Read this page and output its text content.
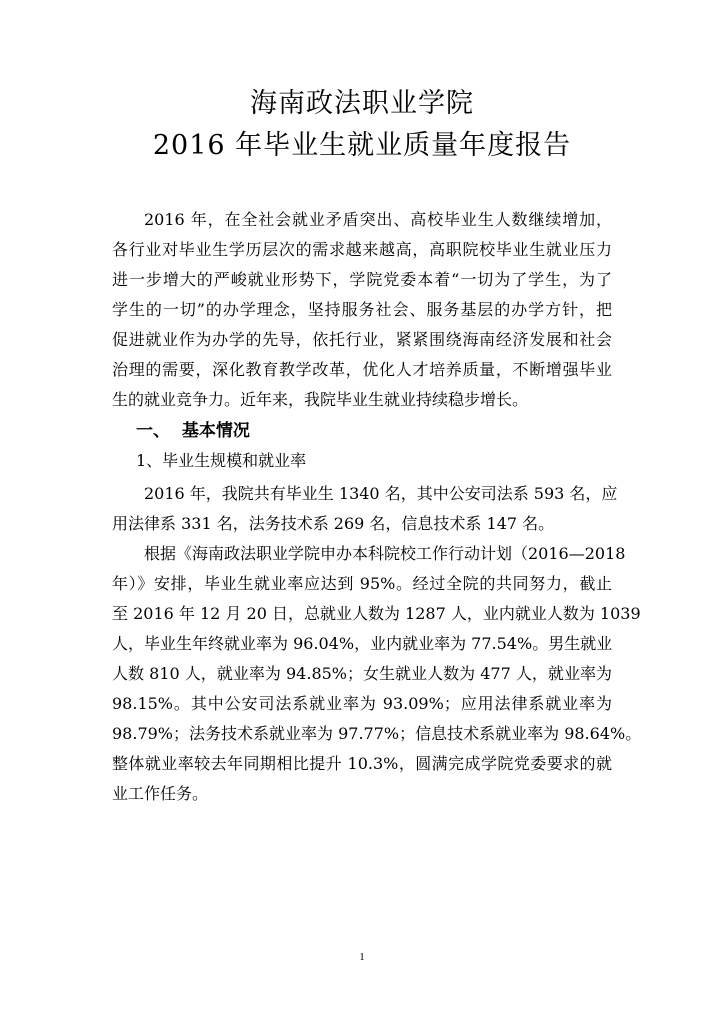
海南政法职业学院
2016 年毕业生就业质量年度报告
2016 年，在全社会就业矛盾突出、高校毕业生人数继续增加，
各行业对毕业生学历层次的需求越来越高，高职院校毕业生就业压力
进一步增大的严峻就业形势下，学院党委本着“一切为了学生，为了
学生的一切”的办学理念，坚持服务社会、服务基层的办学方针，把
促进就业作为办学的先导，依托行业，紧紧围绕海南经济发展和社会
治理的需要，深化教育教学改革，优化人才培养质量，不断增强毕业
生的就业竞争力。近年来，我院毕业生就业持续稳步增长。
一、  基本情况
1、毕业生规模和就业率
2016 年，我院共有毕业生 1340 名，其中公安司法系 593 名，应
用法律系 331 名，法务技术系 269 名，信息技术系 147 名。
根据《海南政法职业学院申办本科院校工作行动计划（2016—2018
年）》安排，毕业生就业率应达到 95%。经过全院的共同努力，截止
至 2016 年 12 月 20 日，总就业人数为 1287 人，业内就业人数为 1039
人，毕业生年终就业率为 96.04%，业内就业率为 77.54%。男生就业
人数 810 人，就业率为 94.85%；女生就业人数为 477 人，就业率为
98.15%。其中公安司法系就业率为 93.09%；应用法律系就业率为
98.79%；法务技术系就业率为 97.77%；信息技术系就业率为 98.64%。
整体就业率较去年同期相比提升 10.3%，圆满完成学院党委要求的就
业工作任务。
1
